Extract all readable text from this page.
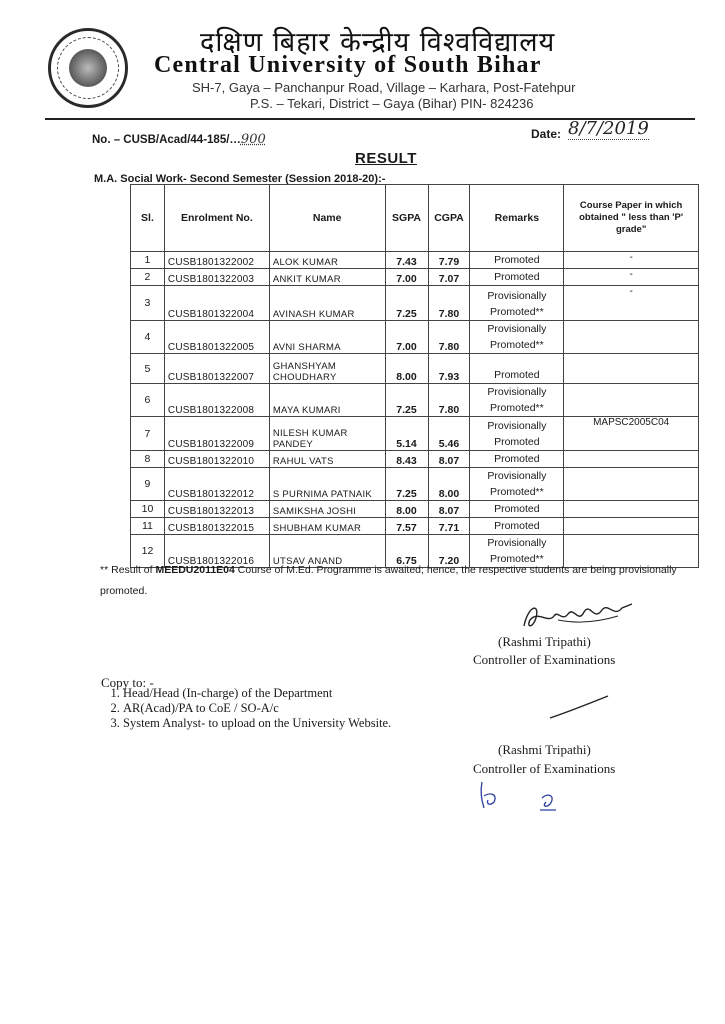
दक्षिण बिहार केन्द्रीय विश्वविद्यालय
Central University of South Bihar
SH-7, Gaya – Panchanpur Road, Village – Karhara, Post-Fatehpur
P.S. – Tekari, District – Gaya (Bihar) PIN- 824236
No. – CUSB/Acad/44-185/…900	Date: 8/7/2019
RESULT
M.A. Social Work- Second Semester (Session 2018-20):-
Sl.	Enrolment No.	Name	SGPA	CGPA	Remarks	Course Paper in which obtained " less than 'P' grade"
1	CUSB1801322002	ALOK KUMAR	7.43	7.79	Promoted	-
2	CUSB1801322003	ANKIT KUMAR	7.00	7.07	Promoted	-
3	CUSB1801322004	AVINASH KUMAR	7.25	7.80	Provisionally Promoted**	-
4	CUSB1801322005	AVNI SHARMA	7.00	7.80	Provisionally Promoted**	
5	CUSB1801322007	GHANSHYAM CHOUDHARY	8.00	7.93	Promoted	
6	CUSB1801322008	MAYA KUMARI	7.25	7.80	Provisionally Promoted**	
7	CUSB1801322009	NILESH KUMAR PANDEY	5.14	5.46	Provisionally Promoted	MAPSC2005C04
8	CUSB1801322010	RAHUL VATS	8.43	8.07	Promoted	
9	CUSB1801322012	S PURNIMA PATNAIK	7.25	8.00	Provisionally Promoted**	
10	CUSB1801322013	SAMIKSHA JOSHI	8.00	8.07	Promoted	
11	CUSB1801322015	SHUBHAM KUMAR	7.57	7.71	Promoted	
12	CUSB1801322016	UTSAV ANAND	6.75	7.20	Provisionally Promoted**	
** Result of MEEDU2011E04 Course of M.Ed. Programme is awaited; hence, the respective students are being provisionally promoted.
(Rashmi Tripathi)
Controller of Examinations
Copy to: -
1. Head/Head (In-charge) of the Department
2. AR(Acad)/PA to CoE / SO-A/c
3. System Analyst- to upload on the University Website.
(Rashmi Tripathi)
Controller of Examinations
